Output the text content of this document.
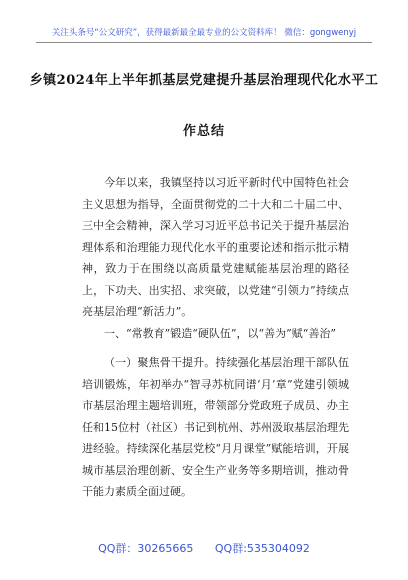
关注头条号“公文研究”，获得最新最全最专业的公文资料库！ 微信：gongwenyj
乡镇2024年上半年抓基层党建提升基层治理现代化水平工
作总结

今年以来，我镇坚持以习近平新时代中国特色社会主义思想为指导，全面贯彻党的二十大和二十届二中、三中全会精神，深入学习习近平总书记关于提升基层治理体系和治理能力现代化水平的重要论述和指示批示精神，致力于在围绕以高质量党建赋能基层治理的路径上，下功夫、出实招、求突破，以党建“引领力”持续点亮基层治理“新活力”。

一、“常教育”锻造“硬队伍”，以“善为”赋“善治”

（一）聚焦骨干提升。持续强化基层治理干部队伍培训锻炼，年初举办“智寻苏杭同谱‘月’章”党建引领城市基层治理主题培训班，带领部分党政班子成员、办主任和15位村（社区）书记到杭州、苏州汲取基层治理先进经验。持续深化基层党校“月月课堂”赋能培训，开展城市基层治理创新、安全生产业务等多期培训，推动骨干能力素质全面过硬。

QQ群：30265665 QQ群:535304092
